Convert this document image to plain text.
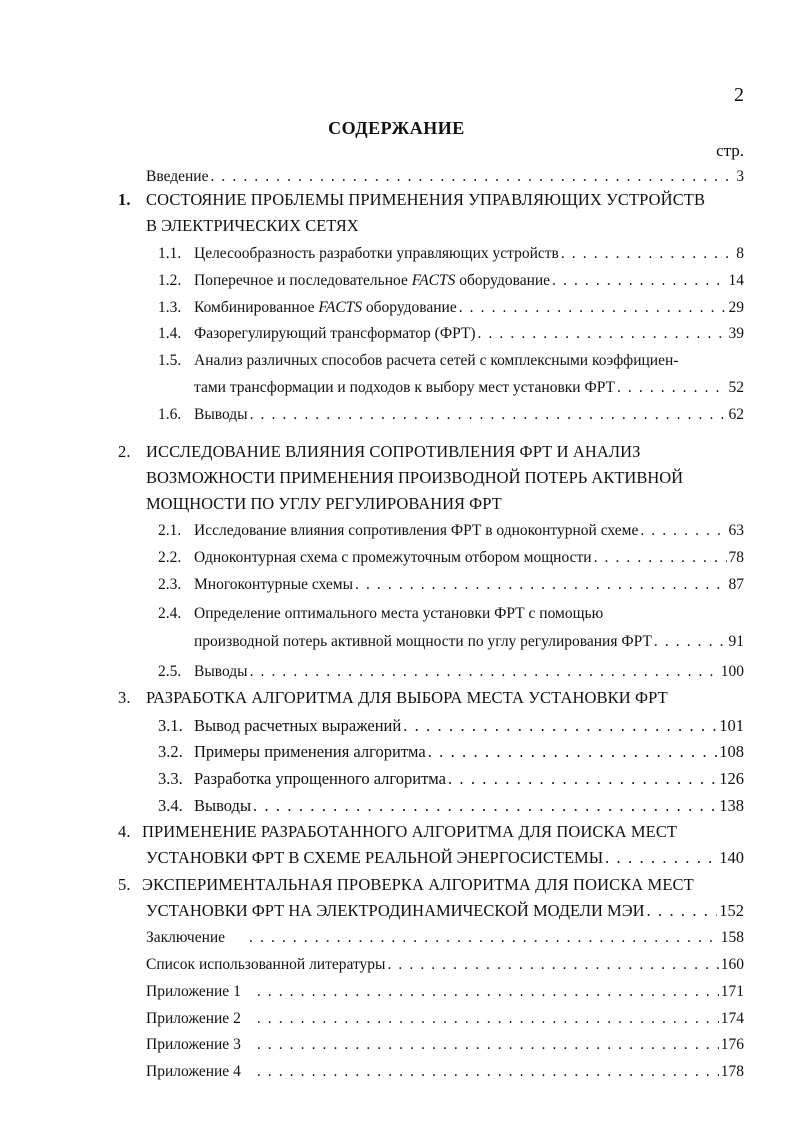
2
СОДЕРЖАНИЕ
стр.
Введение . . .	3
1. СОСТОЯНИЕ ПРОБЛЕМЫ ПРИМЕНЕНИЯ УПРАВЛЯЮЩИХ УСТРОЙСТВ
В ЭЛЕКТРИЧЕСКИХ СЕТЯХ
1.1. Целесообразность разработки управляющих устройств . . .	8
1.2. Поперечное и последовательное FACTS оборудование . . .	14
1.3. Комбинированное FACTS оборудование . . .	29
1.4. Фазорегулирующий трансформатор (ФРТ) . . .	39
1.5. Анализ различных способов расчета сетей с комплексными коэффициен-
тами трансформации и подходов к выбору мест установки ФРТ . . .	52
1.6. Выводы . . .	62
2. ИССЛЕДОВАНИЕ ВЛИЯНИЯ СОПРОТИВЛЕНИЯ ФРТ И АНАЛИЗ
ВОЗМОЖНОСТИ ПРИМЕНЕНИЯ ПРОИЗВОДНОЙ ПОТЕРЬ АКТИВНОЙ
МОЩНОСТИ ПО УГЛУ РЕГУЛИРОВАНИЯ ФРТ
2.1. Исследование влияния сопротивления ФРТ в одноконтурной схеме . . .	63
2.2. Одноконтурная схема с промежуточным отбором мощности . . .	78
2.3. Многоконтурные схемы . . .	87
2.4. Определение оптимального места установки ФРТ с помощью
производной потерь активной мощности по углу регулирования ФРТ . . .	91
2.5. Выводы . . .	100
3. РАЗРАБОТКА АЛГОРИТМА ДЛЯ ВЫБОРА МЕСТА УСТАНОВКИ ФРТ
3.1. Вывод расчетных выражений . . .	101
3.2. Примеры применения алгоритма . . .	108
3.3. Разработка упрощенного алгоритма . . .	126
3.4. Выводы . . .	138
4. ПРИМЕНЕНИЕ РАЗРАБОТАННОГО АЛГОРИТМА ДЛЯ ПОИСКА МЕСТ
УСТАНОВКИ ФРТ В СХЕМЕ РЕАЛЬНОЙ ЭНЕРГОСИСТЕМЫ . . .	140
5. ЭКСПЕРИМЕНТАЛЬНАЯ ПРОВЕРКА АЛГОРИТМА ДЛЯ ПОИСКА МЕСТ
УСТАНОВКИ ФРТ НА ЭЛЕКТРОДИНАМИЧЕСКОЙ МОДЕЛИ МЭИ . . .	152
Заключение . . .	158
Список использованной литературы . . .	160
Приложение 1 . . .	171
Приложение 2 . . .	174
Приложение 3 . . .	176
Приложение 4 . . .	178
